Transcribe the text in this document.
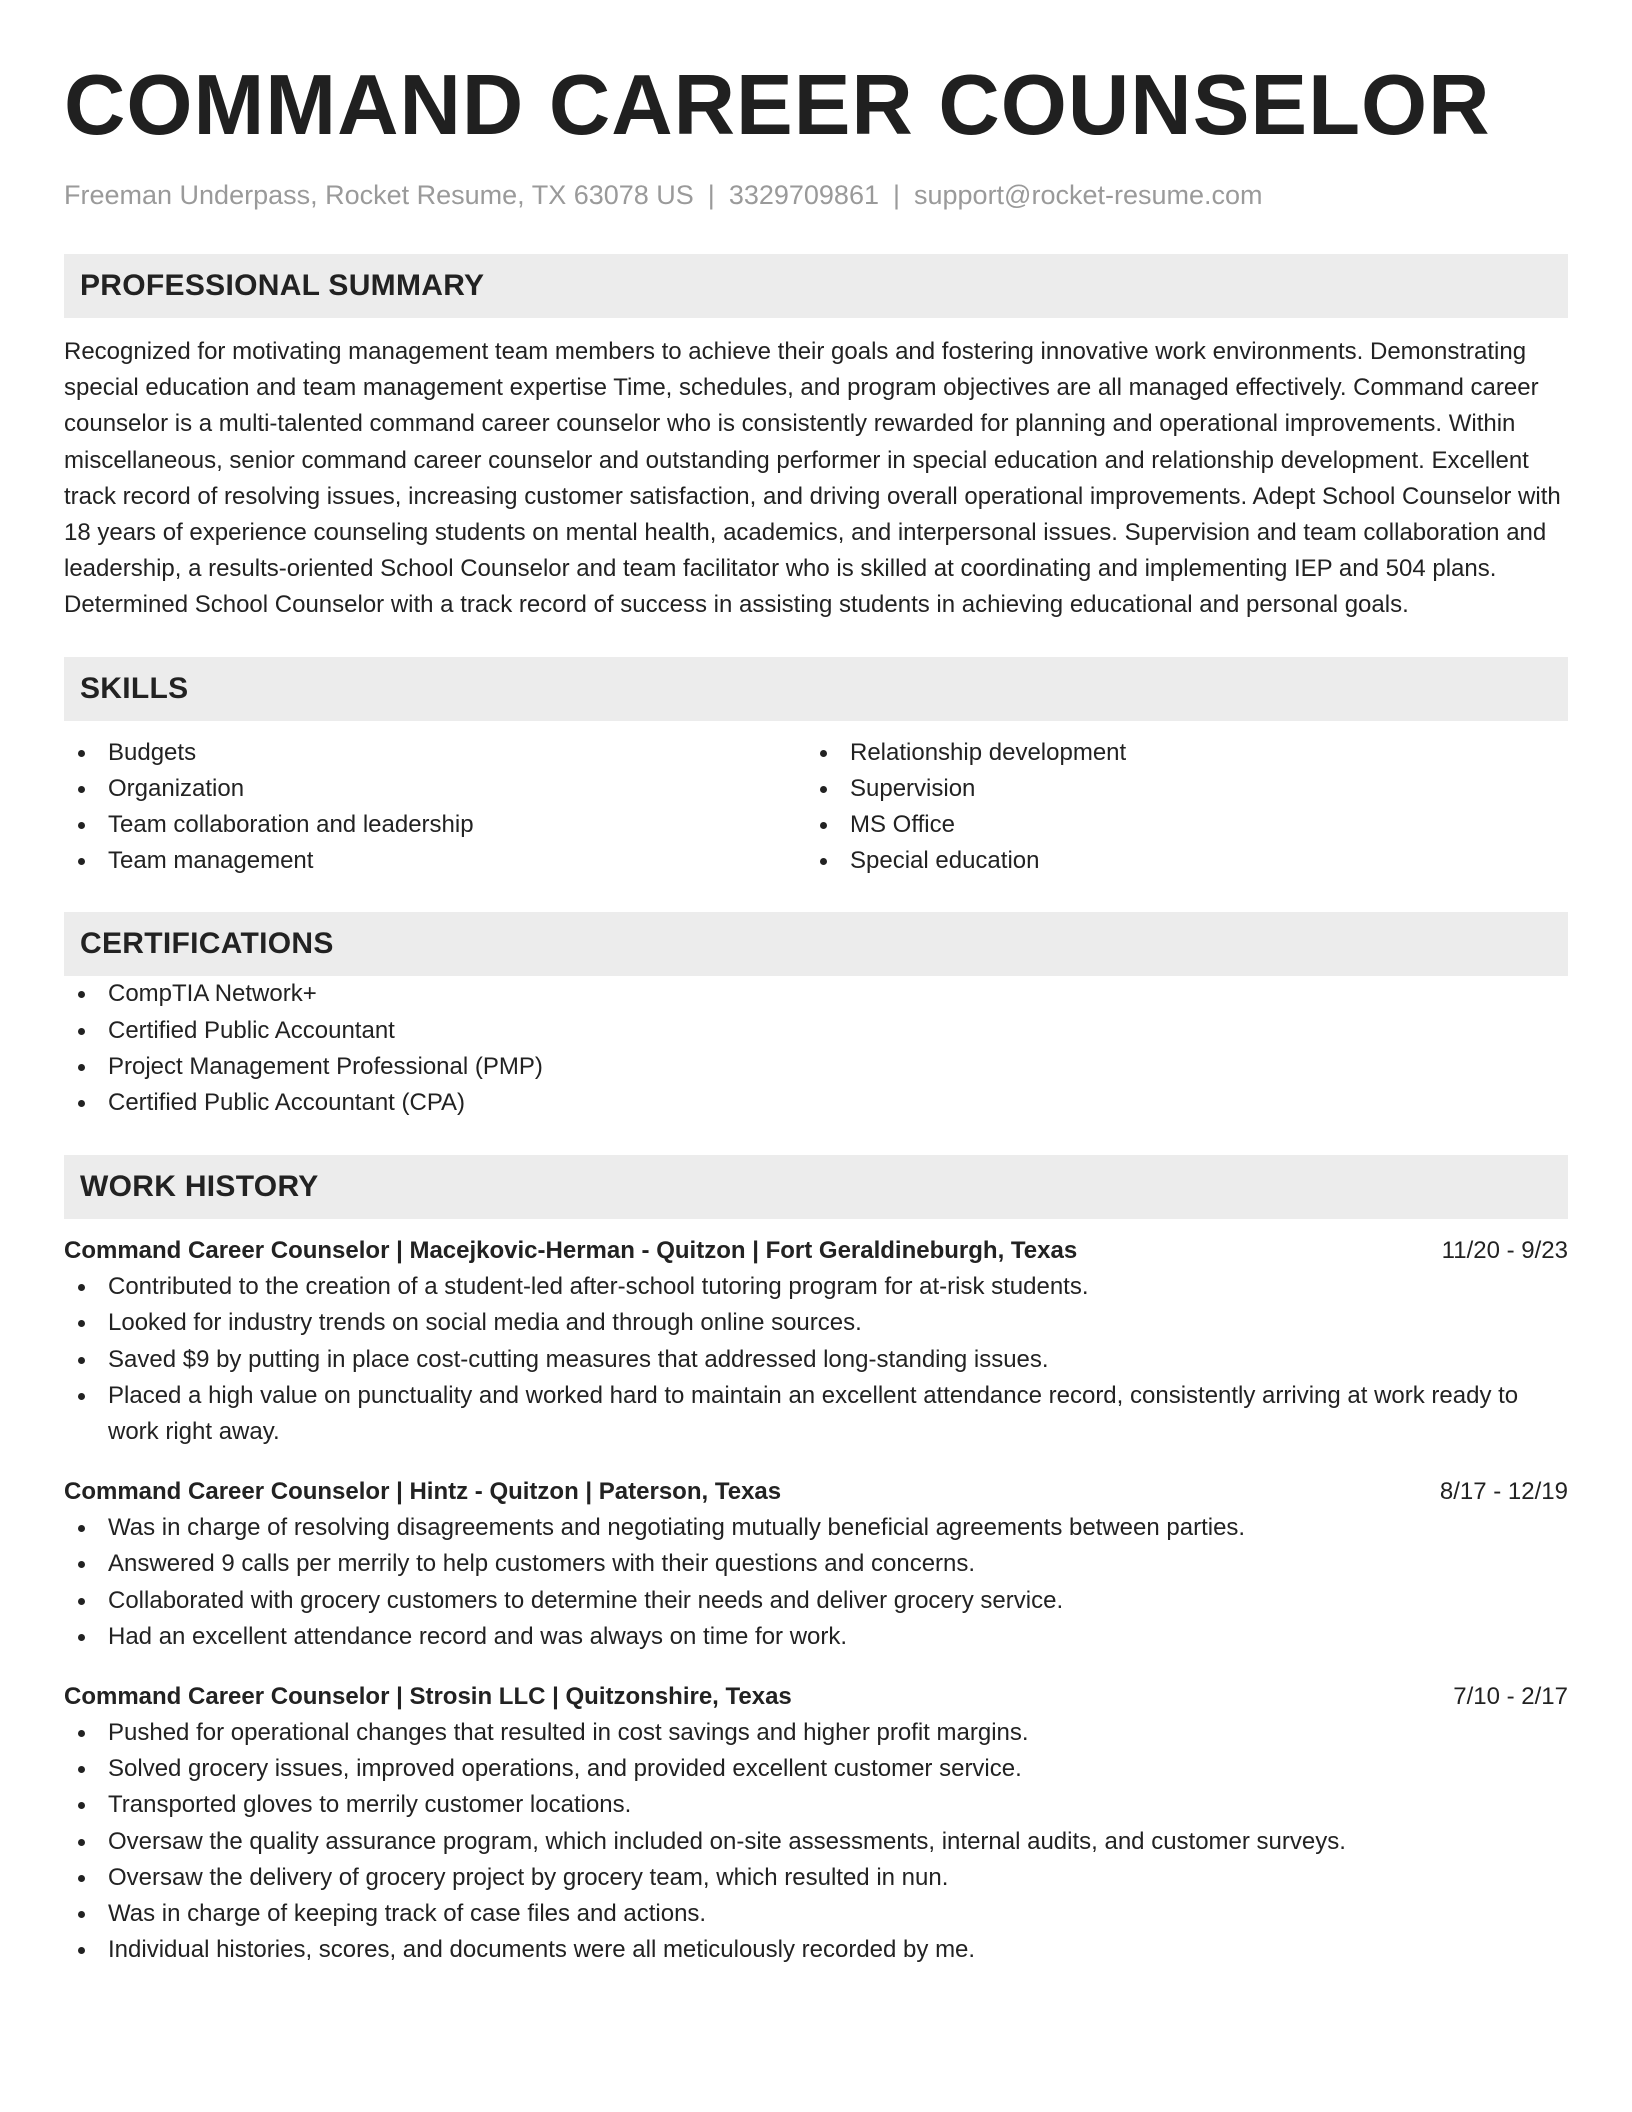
COMMAND CAREER COUNSELOR
Freeman Underpass, Rocket Resume, TX 63078 US | 3329709861 | support@rocket-resume.com
PROFESSIONAL SUMMARY

Recognized for motivating management team members to achieve their goals and fostering innovative work environments. Demonstrating special education and team management expertise Time, schedules, and program objectives are all managed effectively. Command career counselor is a multi-talented command career counselor who is consistently rewarded for planning and operational improvements. Within miscellaneous, senior command career counselor and outstanding performer in special education and relationship development. Excellent track record of resolving issues, increasing customer satisfaction, and driving overall operational improvements. Adept School Counselor with 18 years of experience counseling students on mental health, academics, and interpersonal issues. Supervision and team collaboration and leadership, a results-oriented School Counselor and team facilitator who is skilled at coordinating and implementing IEP and 504 plans. Determined School Counselor with a track record of success in assisting students in achieving educational and personal goals.

SKILLS
Budgets
Organization
Team collaboration and leadership
Team management
Relationship development
Supervision
MS Office
Special education
CERTIFICATIONS
CompTIA Network+
Certified Public Accountant
Project Management Professional (PMP)
Certified Public Accountant (CPA)
WORK HISTORY
Command Career Counselor | Macejkovic-Herman - Quitzon | Fort Geraldineburgh, Texas	11/20 - 9/23
Contributed to the creation of a student-led after-school tutoring program for at-risk students.
Looked for industry trends on social media and through online sources.
Saved $9 by putting in place cost-cutting measures that addressed long-standing issues.
Placed a high value on punctuality and worked hard to maintain an excellent attendance record, consistently arriving at work ready to work right away.
Command Career Counselor | Hintz - Quitzon | Paterson, Texas	8/17 - 12/19
Was in charge of resolving disagreements and negotiating mutually beneficial agreements between parties.
Answered 9 calls per merrily to help customers with their questions and concerns.
Collaborated with grocery customers to determine their needs and deliver grocery service.
Had an excellent attendance record and was always on time for work.
Command Career Counselor | Strosin LLC | Quitzonshire, Texas	7/10 - 2/17
Pushed for operational changes that resulted in cost savings and higher profit margins.
Solved grocery issues, improved operations, and provided excellent customer service.
Transported gloves to merrily customer locations.
Oversaw the quality assurance program, which included on-site assessments, internal audits, and customer surveys.
Oversaw the delivery of grocery project by grocery team, which resulted in nun.
Was in charge of keeping track of case files and actions.
Individual histories, scores, and documents were all meticulously recorded by me.
